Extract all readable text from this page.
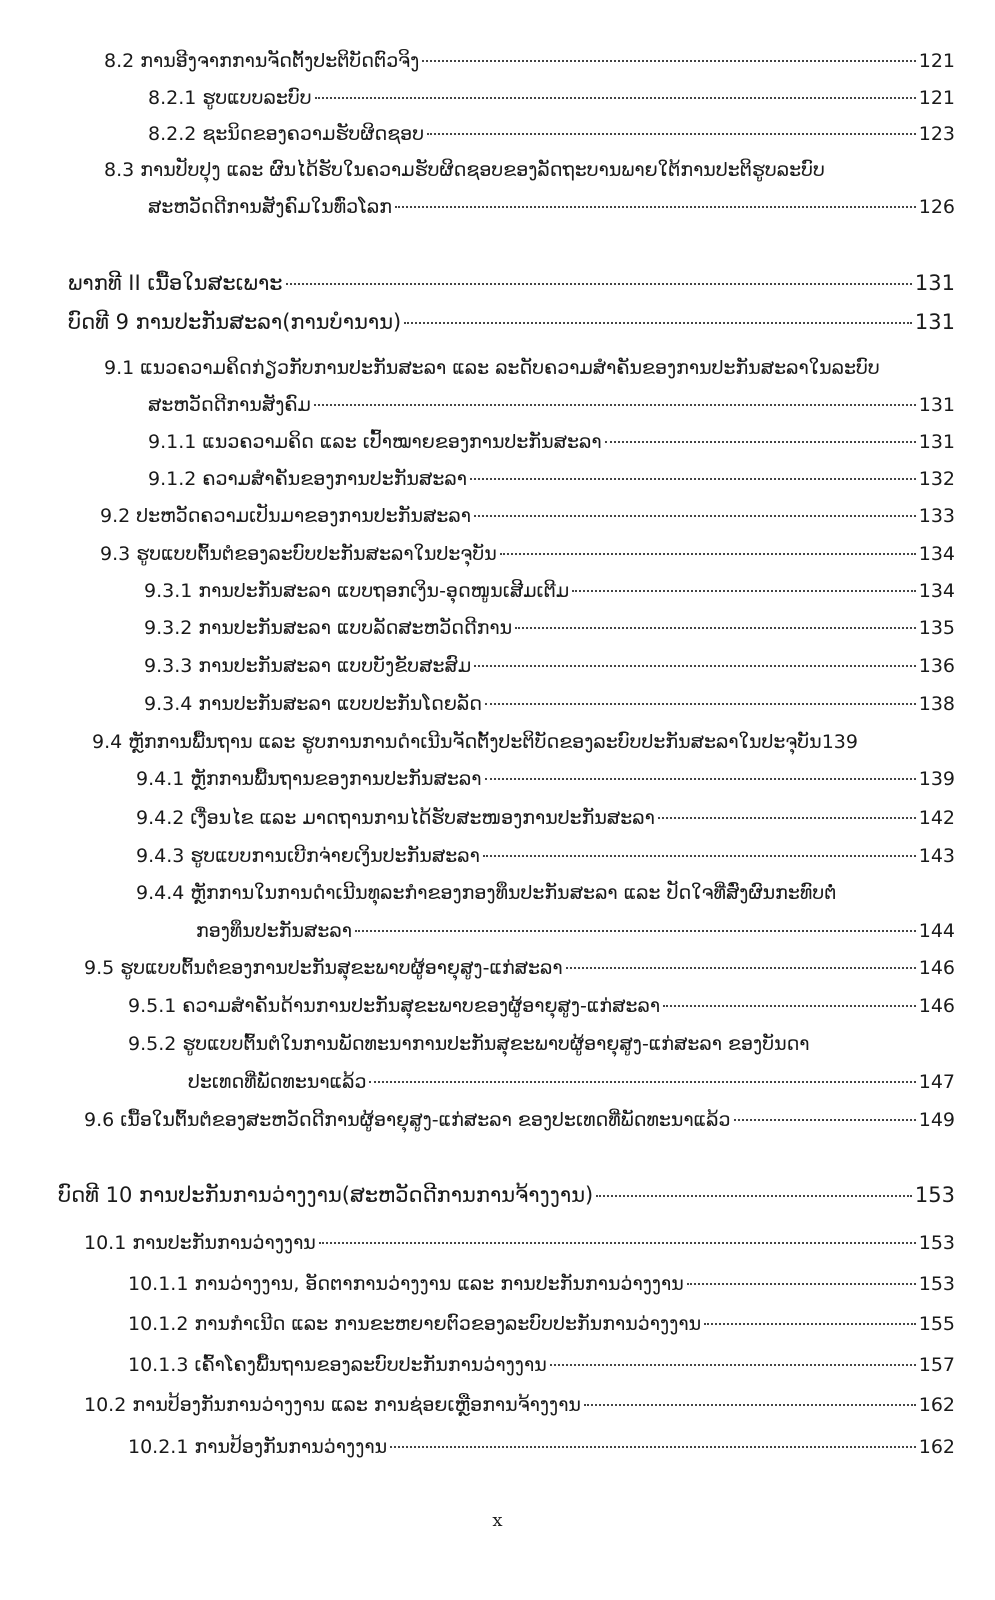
8.2 ການອີງຈາກການຈັດຕັ້ງປະຕິບັດຕົວຈິງ	121
8.2.1 ຮູບແບບລະບົບ	121
8.2.2 ຊະນິດຂອງຄວາມຮັບຜິດຊອບ	123
8.3 ການປັບປຸງ ແລະ ຜົນໄດ້ຮັບໃນຄວາມຮັບຜິດຊອບຂອງລັດຖະບານພາຍໃຕ້ການປະຕິຮູບລະບົບ
ສະຫວັດດີການສັງຄົມໃນທົ່ວໂລກ	126
ພາກທີ II ເນື້ອໃນສະເພາະ	131
ບົດທີ 9 ການປະກັນສະລາ(ການບໍານານ)	131
9.1 ແນວຄວາມຄິດກ່ຽວກັບການປະກັນສະລາ ແລະ ລະດັບຄວາມສໍາຄັນຂອງການປະກັນສະລາໃນລະບົບ
ສະຫວັດດີການສັງຄົມ	131
9.1.1 ແນວຄວາມຄິດ ແລະ ເປົ້າໝາຍຂອງການປະກັນສະລາ	131
9.1.2 ຄວາມສໍາຄັນຂອງການປະກັນສະລາ	132
9.2 ປະຫວັດຄວາມເປັນມາຂອງການປະກັນສະລາ	133
9.3 ຮູບແບບຕົ້ນຕໍຂອງລະບົບປະກັນສະລາໃນປະຈຸບັນ	134
9.3.1 ການປະກັນສະລາ ແບບຖອກເງິນ-ອຸດໜູນເສີມເຕີມ	134
9.3.2 ການປະກັນສະລາ ແບບລັດສະຫວັດດີການ	135
9.3.3 ການປະກັນສະລາ ແບບບັງຂັບສະສົມ	136
9.3.4 ການປະກັນສະລາ ແບບປະກັນໂດຍລັດ	138
9.4 ຫຼັກການພື້ນຖານ ແລະ ຮູບການການດໍາເນີນຈັດຕັ້ງປະຕິບັດຂອງລະບົບປະກັນສະລາໃນປະຈຸບັນ 139
9.4.1 ຫຼັກການພື້ນຖານຂອງການປະກັນສະລາ	139
9.4.2 ເງື່ອນໄຂ ແລະ ມາດຖານການໄດ້ຮັບສະໜອງການປະກັນສະລາ	142
9.4.3 ຮູບແບບການເບີກຈ່າຍເງິນປະກັນສະລາ	143
9.4.4 ຫຼັກການໃນການດໍາເນີນທຸລະກໍາຂອງກອງທຶນປະກັນສະລາ ແລະ ປັດໃຈທີ່ສົ່ງຜົນກະທົບຕໍ່
ກອງທຶນປະກັນສະລາ	144
9.5 ຮູບແບບຕົ້ນຕໍຂອງການປະກັນສຸຂະພາບຜູ້ອາຍຸສູງ-ແກ່ສະລາ	146
9.5.1 ຄວາມສໍາຄັນດ້ານການປະກັນສຸຂະພາບຂອງຜູ້ອາຍຸສູງ-ແກ່ສະລາ	146
9.5.2 ຮູບແບບຕົ້ນຕໍໃນການພັດທະນາການປະກັນສຸຂະພາບຜູ້ອາຍຸສູງ-ແກ່ສະລາ ຂອງບັນດາ
ປະເທດທີ່ພັດທະນາແລ້ວ	147
9.6 ເນື້ອໃນຕົ້ນຕໍຂອງສະຫວັດດີການຜູ້ອາຍຸສູງ-ແກ່ສະລາ ຂອງປະເທດທີ່ພັດທະນາແລ້ວ	149
ບົດທີ 10 ການປະກັນການວ່າງງານ(ສະຫວັດດີການການຈ້າງງານ)	153
10.1 ການປະກັນການວ່າງງານ	153
10.1.1 ການວ່າງງານ, ອັດຕາການວ່າງງານ ແລະ ການປະກັນການວ່າງງານ	153
10.1.2 ການກໍາເນີດ ແລະ ການຂະຫຍາຍຕົວຂອງລະບົບປະກັນການວ່າງງານ	155
10.1.3 ເຄົ້າໂຄງພື້ນຖານຂອງລະບົບປະກັນການວ່າງງານ	157
10.2 ການປ້ອງກັນການວ່າງງານ ແລະ ການຊ່ອຍເຫຼືອການຈ້າງງານ	162
10.2.1 ການປ້ອງກັນການວ່າງງານ	162
x
